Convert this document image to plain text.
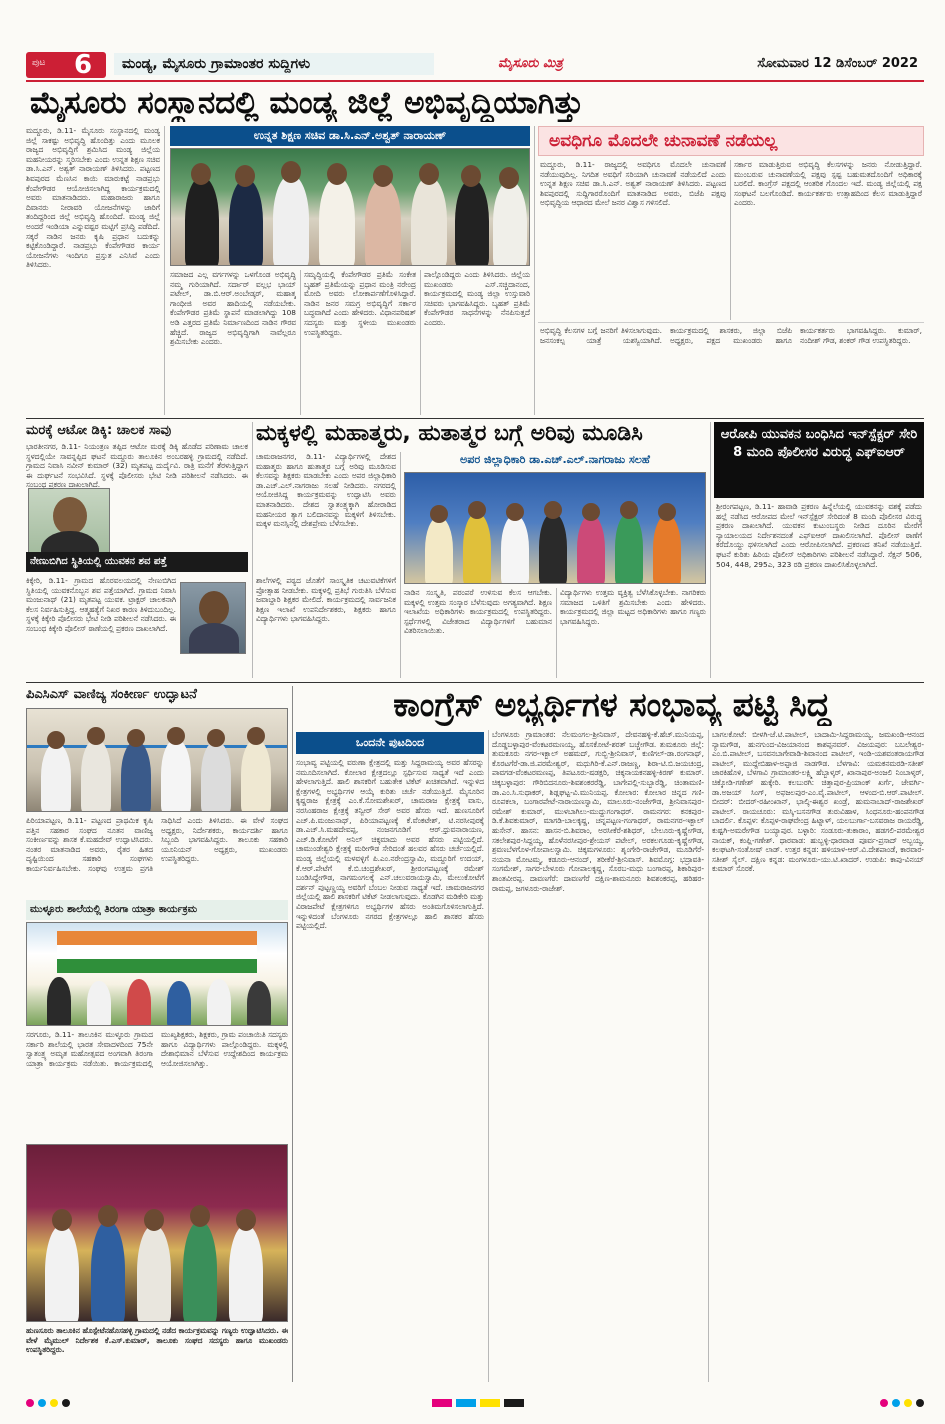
ಪುಟ 6	ಮಂಡ್ಯ, ಮೈಸೂರು ಗ್ರಾಮಾಂತರ ಸುದ್ದಿಗಳು	ಮೈಸೂರು ಮಿತ್ರ	ಸೋಮವಾರ 12 ಡಿಸೆಂಬರ್ 2022
ಮೈಸೂರು ಸಂಸ್ಥಾನದಲ್ಲಿ ಮಂಡ್ಯ ಜಿಲ್ಲೆ ಅಭಿವೃದ್ಧಿಯಾಗಿತ್ತು
ಮದ್ದೂರು, ಡಿ.11- ಮೈಸೂರು ಸಂಸ್ಥಾನದಲ್ಲಿ ಮಂಡ್ಯ ಜಿಲ್ಲೆ ಸಾಕಷ್ಟು ಅಭಿವೃದ್ಧಿ ಹೊಂದಿತ್ತು ಎಂದು ಮೂಲಕ ರಾಜ್ಯದ ಅಭಿವೃದ್ಧಿಗೆ ಶ್ರಮಿಸಿದ ಮಂಡ್ಯ ಜಿಲ್ಲೆಯ ಮಹನೀಯರನ್ನು ಸ್ಮರಿಸಬೇಕು ಎಂದು ಉನ್ನತ ಶಿಕ್ಷಣ ಸಚಿವ ಡಾ.ಸಿ.ಎನ್. ಅಶ್ವತ್ ನಾರಾಯಣ್ ತಿಳಿಸಿದರು. ಪಟ್ಟಣದ ಶಿವಪುರದ ಮೆಣಸಿನ ಕಾಯಿ ಮಾರುಕಟ್ಟೆ ನಾಡಪ್ರಭು ಕೆಂಪೇಗೌಡರ ಆಯೋಜಿಸಲಾಗಿದ್ದ ಕಾರ್ಯಕ್ರಮದಲ್ಲಿ ಅವರು ಮಾತನಾಡಿದರು. ಮಹಾರಾಜರು ಹಾಗೂ ದಿವಾನರು ನೀರಾವರಿ ಯೋಜನೆಗಳನ್ನು ಜಾರಿಗೆ ತಂದಿದ್ದರಿಂದ ಜಿಲ್ಲೆ ಅಭಿವೃದ್ಧಿ ಹೊಂದಿದೆ. ಮಂಡ್ಯ ಜಿಲ್ಲೆ ಅಂದರೆ ಇಂಡಿಯಾ ಎನ್ನುವಷ್ಟರ ಮಟ್ಟಿಗೆ ಪ್ರಸಿದ್ಧಿ ಪಡೆದಿದೆ. ಸಕ್ಕರೆ ನಾಡಿನ ಜನರು ಕೃಷಿ ಪ್ರಧಾನ ಬದುಕನ್ನು ಕಟ್ಟಿಕೊಂಡಿದ್ದಾರೆ. ನಾಡಪ್ರಭು ಕೆಂಪೇಗೌಡರ ಕಾರ್ಯ ಯೋಜನೆಗಳು ಇಂದಿಗೂ ಪ್ರಸ್ತುತ ಎನಿಸಿವೆ ಎಂದು ತಿಳಿಸಿದರು.
ಉನ್ನತ ಶಿಕ್ಷಣ ಸಚಿವ ಡಾ.ಸಿ.ಎನ್.ಅಶ್ವತ್ ನಾರಾಯಣ್
ಸಮಾಜದ ಎಲ್ಲ ವರ್ಗಗಳನ್ನು ಒಳಗೊಂಡ ಅಭಿವೃದ್ಧಿ ನಮ್ಮ ಗುರಿಯಾಗಿದೆ. ಸರ್ದಾರ್ ವಲ್ಲಭ ಭಾಯ್ ಪಟೇಲ್, ಡಾ.ಬಿ.ಆರ್.ಅಂಬೇಡ್ಕರ್, ಮಹಾತ್ಮ ಗಾಂಧೀಜಿ ಅವರ ಹಾದಿಯಲ್ಲಿ ನಡೆಯಬೇಕು. ಕೆಂಪೇಗೌಡರ ಪ್ರತಿಮೆ ಸ್ಥಾಪನೆ ಮಾಡಲಾಗಿದ್ದು 108 ಅಡಿ ಎತ್ತರದ ಪ್ರತಿಮೆ ನಿರ್ಮಾಣದಿಂದ ನಾಡಿನ ಗೌರವ ಹೆಚ್ಚಿದೆ. ರಾಜ್ಯದ ಅಭಿವೃದ್ಧಿಗಾಗಿ ನಾವೆಲ್ಲರೂ ಶ್ರಮಿಸಬೇಕು ಎಂದರು.
ಸಮೃದ್ಧಿಯಲ್ಲಿ ಕೆಂಪೇಗೌಡರ ಪ್ರತಿಮೆ ಸಂಕೇತ ಬೃಹತ್ ಪ್ರತಿಮೆಯನ್ನು ಪ್ರಧಾನ ಮಂತ್ರಿ ನರೇಂದ್ರ ಮೋದಿ ಅವರು ಲೋಕಾರ್ಪಣೆಗೊಳಿಸಿದ್ದಾರೆ. ನಾಡಿನ ಜನರ ಸಮಗ್ರ ಅಭಿವೃದ್ಧಿಗೆ ಸರ್ಕಾರ ಬದ್ಧವಾಗಿದೆ ಎಂದು ಹೇಳಿದರು. ವಿಧಾನಪರಿಷತ್ ಸದಸ್ಯರು ಮತ್ತು ಸ್ಥಳೀಯ ಮುಖಂಡರು ಉಪಸ್ಥಿತರಿದ್ದರು.
ಪಾಲ್ಗೊಂಡಿದ್ದರು ಎಂದು ತಿಳಿಸಿದರು. ಜಿಲ್ಲೆಯ ಮುಖಂಡರು ಎಸ್.ಸಚ್ಚಿದಾನಂದ, ಕಾರ್ಯಕ್ರಮದಲ್ಲಿ ಮಂಡ್ಯ ಜಿಲ್ಲಾ ಉಸ್ತುವಾರಿ ಸಚಿವರು ಭಾಗವಹಿಸಿದ್ದರು. ಬೃಹತ್ ಪ್ರತಿಮೆ ಕೆಂಪೇಗೌಡರ ಸಾಧನೆಗಳನ್ನು ನೆನಪಿಸುತ್ತದೆ ಎಂದರು.
ಅವಧಿಗೂ ಮೊದಲೇ ಚುನಾವಣೆ ನಡೆಯಲ್ಲ
ಮದ್ದೂರು, ಡಿ.11- ರಾಜ್ಯದಲ್ಲಿ ಅವಧಿಗೂ ಮೊದಲೇ ಚುನಾವಣೆ ನಡೆಯುವುದಿಲ್ಲ. ನಿಗದಿತ ಅವಧಿಗೆ ಸರಿಯಾಗಿ ಚುನಾವಣೆ ನಡೆಯಲಿದೆ ಎಂದು ಉನ್ನತ ಶಿಕ್ಷಣ ಸಚಿವ ಡಾ.ಸಿ.ಎನ್. ಅಶ್ವತ್ ನಾರಾಯಣ್ ತಿಳಿಸಿದರು. ಪಟ್ಟಣದ ಶಿವಪುರದಲ್ಲಿ ಸುದ್ದಿಗಾರರೊಂದಿಗೆ ಮಾತನಾಡಿದ ಅವರು, ಬಿಜೆಪಿ ಪಕ್ಷವು ಅಭಿವೃದ್ಧಿಯ ಆಧಾರದ ಮೇಲೆ ಜನರ ವಿಶ್ವಾಸ ಗಳಿಸಲಿದೆ.
ಸರ್ಕಾರ ಮಾಡುತ್ತಿರುವ ಅಭಿವೃದ್ಧಿ ಕೆಲಸಗಳನ್ನು ಜನರು ನೋಡುತ್ತಿದ್ದಾರೆ. ಮುಂಬರುವ ಚುನಾವಣೆಯಲ್ಲಿ ಪಕ್ಷವು ಸ್ಪಷ್ಟ ಬಹುಮತದೊಂದಿಗೆ ಅಧಿಕಾರಕ್ಕೆ ಬರಲಿದೆ. ಕಾಂಗ್ರೆಸ್ ಪಕ್ಷದಲ್ಲಿ ಆಂತರಿಕ ಗೊಂದಲ ಇದೆ. ಮಂಡ್ಯ ಜಿಲ್ಲೆಯಲ್ಲಿ ಪಕ್ಷ ಸಂಘಟನೆ ಬಲಗೊಂಡಿದೆ. ಕಾರ್ಯಕರ್ತರು ಉತ್ಸಾಹದಿಂದ ಕೆಲಸ ಮಾಡುತ್ತಿದ್ದಾರೆ ಎಂದರು.
ಅಭಿವೃದ್ಧಿ ಕೆಲಸಗಳ ಬಗ್ಗೆ ಜನರಿಗೆ ತಿಳಿಸಲಾಗುವುದು. ಜನಸಂಕಲ್ಪ ಯಾತ್ರೆ ಯಶಸ್ವಿಯಾಗಿದೆ. ಕಾರ್ಯಕ್ರಮದಲ್ಲಿ ಶಾಸಕರು, ಜಿಲ್ಲಾ ಬಿಜೆಪಿ ಅಧ್ಯಕ್ಷರು, ಪಕ್ಷದ ಮುಖಂಡರು ಹಾಗೂ ಕಾರ್ಯಕರ್ತರು ಭಾಗವಹಿಸಿದ್ದರು. ಕುಮಾರ್, ನಂದೀಶ್ ಗೌಡ, ಶಂಕರ್ ಗೌಡ ಉಪಸ್ಥಿತರಿದ್ದರು.
ಮರಕ್ಕೆ ಆಟೋ ಡಿಕ್ಕಿ: ಚಾಲಕ ಸಾವು
ಭಾರತೀನಗರ, ಡಿ.11- ನಿಯಂತ್ರಣ ತಪ್ಪಿದ ಆಟೋ ಮರಕ್ಕೆ ಡಿಕ್ಕಿ ಹೊಡೆದ ಪರಿಣಾಮ ಚಾಲಕ ಸ್ಥಳದಲ್ಲಿಯೇ ಸಾವನ್ನಪ್ಪಿದ ಘಟನೆ ಮದ್ದೂರು ತಾಲೂಕಿನ ಅಂಬರಹಳ್ಳಿ ಗ್ರಾಮದಲ್ಲಿ ನಡೆದಿದೆ. ಗ್ರಾಮದ ನಿವಾಸಿ ನವೀನ್ ಕುಮಾರ್ (32) ಮೃತಪಟ್ಟ ದುರ್ದೈವಿ. ರಾತ್ರಿ ಮನೆಗೆ ತೆರಳುತ್ತಿದ್ದಾಗ ಈ ದುರ್ಘಟನೆ ಸಂಭವಿಸಿದೆ. ಸ್ಥಳಕ್ಕೆ ಪೊಲೀಸರು ಭೇಟಿ ನೀಡಿ ಪರಿಶೀಲನೆ ನಡೆಸಿದರು. ಈ ಸಂಬಂಧ ಪ್ರಕರಣ ದಾಖಲಾಗಿದೆ.
ನೇಣುಬಿಗಿದ ಸ್ಥಿತಿಯಲ್ಲಿ ಯುವಕನ ಶವ ಪತ್ತೆ
ಕಿಕ್ಕೇರಿ, ಡಿ.11- ಗ್ರಾಮದ ಹೊರವಲಯದಲ್ಲಿ ನೇಣುಬಿಗಿದ ಸ್ಥಿತಿಯಲ್ಲಿ ಯುವಕನೊಬ್ಬನ ಶವ ಪತ್ತೆಯಾಗಿದೆ. ಗ್ರಾಮದ ನಿವಾಸಿ ಮಂಜುನಾಥ್ (21) ಮೃತಪಟ್ಟ ಯುವಕ. ಟ್ರಾಕ್ಟರ್ ಚಾಲಕನಾಗಿ ಕೆಲಸ ನಿರ್ವಹಿಸುತ್ತಿದ್ದ. ಆತ್ಮಹತ್ಯೆಗೆ ನಿಖರ ಕಾರಣ ತಿಳಿದುಬಂದಿಲ್ಲ. ಸ್ಥಳಕ್ಕೆ ಕಿಕ್ಕೇರಿ ಪೊಲೀಸರು ಭೇಟಿ ನೀಡಿ ಪರಿಶೀಲನೆ ನಡೆಸಿದರು. ಈ ಸಂಬಂಧ ಕಿಕ್ಕೇರಿ ಪೊಲೀಸ್ ಠಾಣೆಯಲ್ಲಿ ಪ್ರಕರಣ ದಾಖಲಾಗಿದೆ.
ಮಕ್ಕಳಲ್ಲಿ ಮಹಾತ್ಮರು, ಹುತಾತ್ಮರ ಬಗ್ಗೆ ಅರಿವು ಮೂಡಿಸಿ
ಚಾಮರಾಜನಗರ, ಡಿ.11- ವಿದ್ಯಾರ್ಥಿಗಳಲ್ಲಿ ದೇಶದ ಮಹಾತ್ಮರು ಹಾಗೂ ಹುತಾತ್ಮರ ಬಗ್ಗೆ ಅರಿವು ಮೂಡಿಸುವ ಕೆಲಸವನ್ನು ಶಿಕ್ಷಕರು ಮಾಡಬೇಕು ಎಂದು ಅಪರ ಜಿಲ್ಲಾಧಿಕಾರಿ ಡಾ.ಎಚ್.ಎಲ್.ನಾಗರಾಜು ಸಲಹೆ ನೀಡಿದರು. ನಗರದಲ್ಲಿ ಆಯೋಜಿಸಿದ್ದ ಕಾರ್ಯಕ್ರಮವನ್ನು ಉದ್ಘಾಟಿಸಿ ಅವರು ಮಾತನಾಡಿದರು. ದೇಶದ ಸ್ವಾತಂತ್ರ್ಯಕ್ಕಾಗಿ ಹೋರಾಡಿದ ಮಹನೀಯರ ತ್ಯಾಗ ಬಲಿದಾನವನ್ನು ಮಕ್ಕಳಿಗೆ ತಿಳಿಸಬೇಕು. ಮಕ್ಕಳ ಮನಸ್ಸಿನಲ್ಲಿ ದೇಶಪ್ರೇಮ ಬೆಳೆಸಬೇಕು.
ಅಪರ ಜಿಲ್ಲಾಧಿಕಾರಿ ಡಾ.ಎಚ್.ಎಲ್.ನಾಗರಾಜು ಸಲಹೆ
ಶಾಲೆಗಳಲ್ಲಿ ಪಠ್ಯದ ಜೊತೆಗೆ ಸಾಂಸ್ಕೃತಿಕ ಚಟುವಟಿಕೆಗಳಿಗೆ ಪ್ರೋತ್ಸಾಹ ನೀಡಬೇಕು. ಮಕ್ಕಳಲ್ಲಿ ಪ್ರತಿಭೆ ಗುರುತಿಸಿ ಬೆಳೆಸುವ ಜವಾಬ್ದಾರಿ ಶಿಕ್ಷಕರ ಮೇಲಿದೆ. ಕಾರ್ಯಕ್ರಮದಲ್ಲಿ ಸಾರ್ವಜನಿಕ ಶಿಕ್ಷಣ ಇಲಾಖೆ ಉಪನಿರ್ದೇಶಕರು, ಶಿಕ್ಷಕರು ಹಾಗೂ ವಿದ್ಯಾರ್ಥಿಗಳು ಭಾಗವಹಿಸಿದ್ದರು.
ನಾಡಿನ ಸಂಸ್ಕೃತಿ, ಪರಂಪರೆ ಉಳಿಸುವ ಕೆಲಸ ಆಗಬೇಕು. ಮಕ್ಕಳಲ್ಲಿ ಉತ್ತಮ ಸಂಸ್ಕಾರ ಬೆಳೆಸುವುದು ಅಗತ್ಯವಾಗಿದೆ. ಶಿಕ್ಷಣ ಇಲಾಖೆಯ ಅಧಿಕಾರಿಗಳು ಕಾರ್ಯಕ್ರಮದಲ್ಲಿ ಉಪಸ್ಥಿತರಿದ್ದರು. ಸ್ಪರ್ಧೆಗಳಲ್ಲಿ ವಿಜೇತರಾದ ವಿದ್ಯಾರ್ಥಿಗಳಿಗೆ ಬಹುಮಾನ ವಿತರಿಸಲಾಯಿತು.
ವಿದ್ಯಾರ್ಥಿಗಳು ಉತ್ತಮ ವ್ಯಕ್ತಿತ್ವ ಬೆಳೆಸಿಕೊಳ್ಳಬೇಕು. ನಾಗರಿಕರು ಸಮಾಜದ ಒಳಿತಿಗೆ ಶ್ರಮಿಸಬೇಕು ಎಂದು ಹೇಳಿದರು. ಕಾರ್ಯಕ್ರಮದಲ್ಲಿ ಜಿಲ್ಲಾ ಮಟ್ಟದ ಅಧಿಕಾರಿಗಳು ಹಾಗೂ ಗಣ್ಯರು ಭಾಗವಹಿಸಿದ್ದರು.
ಆರೋಪಿ ಯುವಕನ ಬಂಧಿಸಿದ ಇನ್‌ಸ್ಪೆಕ್ಟರ್ ಸೇರಿ 8 ಮಂದಿ ಪೊಲೀಸರ ವಿರುದ್ಧ ಎಫ್‌ಐಆರ್
ಶ್ರೀರಂಗಪಟ್ಟಣ, ಡಿ.11- ಹಾವಾಡಿ ಪ್ರಕರಣ ಹಿನ್ನೆಲೆಯಲ್ಲಿ ಯುವಕನನ್ನು ವಶಕ್ಕೆ ಪಡೆದು ಹಲ್ಲೆ ನಡೆಸಿದ ಆರೋಪದ ಮೇಲೆ ಇನ್‌ಸ್ಪೆಕ್ಟರ್ ಸೇರಿದಂತೆ 8 ಮಂದಿ ಪೊಲೀಸರ ವಿರುದ್ಧ ಪ್ರಕರಣ ದಾಖಲಾಗಿದೆ. ಯುವಕನ ಕುಟುಂಬಸ್ಥರು ನೀಡಿದ ದೂರಿನ ಮೇರೆಗೆ ನ್ಯಾಯಾಲಯದ ನಿರ್ದೇಶನದಂತೆ ಎಫ್‌ಐಆರ್ ದಾಖಲಿಸಲಾಗಿದೆ. ಪೊಲೀಸ್ ಠಾಣೆಗೆ ಕರೆದೊಯ್ದು ಥಳಿಸಲಾಗಿದೆ ಎಂದು ಆರೋಪಿಸಲಾಗಿದೆ. ಪ್ರಕರಣದ ತನಿಖೆ ನಡೆಯುತ್ತಿದೆ. ಘಟನೆ ಕುರಿತು ಹಿರಿಯ ಪೊಲೀಸ್ ಅಧಿಕಾರಿಗಳು ಪರಿಶೀಲನೆ ನಡೆಸಿದ್ದಾರೆ. ಸೆಕ್ಷನ್ 506, 504, 448, 295ಎ, 323 ರಡಿ ಪ್ರಕರಣ ದಾಖಲಿಸಿಕೊಳ್ಳಲಾಗಿದೆ.
ಪಿಎಸಿಎಸ್ ವಾಣಿಜ್ಯ ಸಂಕೀರ್ಣ ಉದ್ಘಾಟನೆ
ಪಿರಿಯಾಪಟ್ಟಣ, ಡಿ.11- ಪಟ್ಟಣದ ಪ್ರಾಥಮಿಕ ಕೃಷಿ ಪತ್ತಿನ ಸಹಕಾರ ಸಂಘದ ನೂತನ ವಾಣಿಜ್ಯ ಸಂಕೀರ್ಣವನ್ನು ಶಾಸಕ ಕೆ.ಮಹದೇವ್ ಉದ್ಘಾಟಿಸಿದರು. ನಂತರ ಮಾತನಾಡಿದ ಅವರು, ರೈತರ ಹಿತದ ದೃಷ್ಟಿಯಿಂದ ಸಹಕಾರಿ ಸಂಘಗಳು ಕಾರ್ಯನಿರ್ವಹಿಸಬೇಕು. ಸಂಘವು ಉತ್ತಮ ಪ್ರಗತಿ ಸಾಧಿಸಿದೆ ಎಂದು ತಿಳಿಸಿದರು. ಈ ವೇಳೆ ಸಂಘದ ಅಧ್ಯಕ್ಷರು, ನಿರ್ದೇಶಕರು, ಕಾರ್ಯದರ್ಶಿ ಹಾಗೂ ಸಿಬ್ಬಂದಿ ಭಾಗವಹಿಸಿದ್ದರು. ತಾಲೂಕು ಸಹಕಾರಿ ಯೂನಿಯನ್ ಅಧ್ಯಕ್ಷರು, ಮುಖಂಡರು ಉಪಸ್ಥಿತರಿದ್ದರು.
ಮುಳ್ಳೂರು ಶಾಲೆಯಲ್ಲಿ ತಿರಂಗಾ ಯಾತ್ರಾ ಕಾರ್ಯಕ್ರಮ
ಸರಗೂರು, ಡಿ.11- ತಾಲೂಕಿನ ಮುಳ್ಳೂರು ಗ್ರಾಮದ ಸರ್ಕಾರಿ ಶಾಲೆಯಲ್ಲಿ ಭಾರತ ಸೇವಾದಳದಿಂದ 75ನೇ ಸ್ವಾತಂತ್ರ್ಯ ಅಮೃತ ಮಹೋತ್ಸವದ ಅಂಗವಾಗಿ ತಿರಂಗಾ ಯಾತ್ರಾ ಕಾರ್ಯಕ್ರಮ ನಡೆಯಿತು. ಕಾರ್ಯಕ್ರಮದಲ್ಲಿ ಮುಖ್ಯಶಿಕ್ಷಕರು, ಶಿಕ್ಷಕರು, ಗ್ರಾಮ ಪಂಚಾಯಿತಿ ಸದಸ್ಯರು ಹಾಗೂ ವಿದ್ಯಾರ್ಥಿಗಳು ಪಾಲ್ಗೊಂಡಿದ್ದರು. ಮಕ್ಕಳಲ್ಲಿ ದೇಶಾಭಿಮಾನ ಬೆಳೆಸುವ ಉದ್ದೇಶದಿಂದ ಕಾರ್ಯಕ್ರಮ ಆಯೋಜಿಸಲಾಗಿತ್ತು.
ಹುಣಸೂರು ತಾಲೂಕಿನ ಹೊಸ್ಪೇಟೆನಹೊಸಹಳ್ಳಿ ಗ್ರಾಮದಲ್ಲಿ ನಡೆದ ಕಾರ್ಯಕ್ರಮವನ್ನು ಗಣ್ಯರು ಉದ್ಘಾಟಿಸಿದರು. ಈ ವೇಳೆ ಮೈಮುಲ್ ನಿರ್ದೇಶಕ ಕೆ.ಎಸ್.ಕುಮಾರ್, ತಾಲೂಕು ಸಂಘದ ಸದಸ್ಯರು ಹಾಗೂ ಮುಖಂಡರು ಉಪಸ್ಥಿತರಿದ್ದರು.
ಕಾಂಗ್ರೆಸ್ ಅಭ್ಯರ್ಥಿಗಳ ಸಂಭಾವ್ಯ ಪಟ್ಟಿ ಸಿದ್ಧ
ಒಂದನೇ ಪುಟದಿಂದ
ಸಂಭಾವ್ಯ ಪಟ್ಟಿಯಲ್ಲಿ ವರುಣಾ ಕ್ಷೇತ್ರದಲ್ಲಿ ಮತ್ತು ಸಿದ್ದರಾಮಯ್ಯ ಅವರ ಹೆಸರನ್ನು ನಮೂದಿಸಲಾಗಿದೆ. ಕೋಲಾರ ಕ್ಷೇತ್ರದಲ್ಲೂ ಸ್ಪರ್ಧಿಸುವ ಸಾಧ್ಯತೆ ಇದೆ ಎಂದು ಹೇಳಲಾಗುತ್ತಿದೆ. ಹಾಲಿ ಶಾಸಕರಿಗೆ ಬಹುತೇಕ ಟಿಕೆಟ್ ಖಚಿತವಾಗಿದೆ. ಇನ್ನುಳಿದ ಕ್ಷೇತ್ರಗಳಲ್ಲಿ ಅಭ್ಯರ್ಥಿಗಳ ಆಯ್ಕೆ ಕುರಿತು ಚರ್ಚೆ ನಡೆಯುತ್ತಿದೆ. ಮೈಸೂರಿನ ಕೃಷ್ಣರಾಜ ಕ್ಷೇತ್ರಕ್ಕೆ ಎಂ.ಕೆ.ಸೋಮಶೇಖರ್, ಚಾಮರಾಜ ಕ್ಷೇತ್ರಕ್ಕೆ ವಾಸು, ನರಸಿಂಹರಾಜ ಕ್ಷೇತ್ರಕ್ಕೆ ತನ್ವೀರ್ ಸೇಠ್ ಅವರ ಹೆಸರು ಇದೆ. ಹುಣಸೂರಿಗೆ ಎಚ್.ಪಿ.ಮಂಜುನಾಥ್, ಪಿರಿಯಾಪಟ್ಟಣಕ್ಕೆ ಕೆ.ವೆಂಕಟೇಶ್, ಟಿ.ನರಸೀಪುರಕ್ಕೆ ಡಾ.ಎಚ್.ಸಿ.ಮಹದೇವಪ್ಪ, ನಂಜನಗೂಡಿಗೆ ಆರ್.ಧ್ರುವನಾರಾಯಣ, ಎಚ್.ಡಿ.ಕೋಟೆಗೆ ಅನಿಲ್ ಚಿಕ್ಕಮಾದು ಅವರ ಹೆಸರು ಪಟ್ಟಿಯಲ್ಲಿದೆ. ಚಾಮುಂಡೇಶ್ವರಿ ಕ್ಷೇತ್ರಕ್ಕೆ ಮರೀಗೌಡ ಸೇರಿದಂತೆ ಹಲವರ ಹೆಸರು ಚರ್ಚೆಯಲ್ಲಿದೆ. ಮಂಡ್ಯ ಜಿಲ್ಲೆಯಲ್ಲಿ ಮಳವಳ್ಳಿಗೆ ಪಿ.ಎಂ.ನರೇಂದ್ರಸ್ವಾಮಿ, ಮದ್ದೂರಿಗೆ ಉದಯ್, ಕೆ.ಆರ್.ಪೇಟೆಗೆ ಕೆ.ಬಿ.ಚಂದ್ರಶೇಖರ್, ಶ್ರೀರಂಗಪಟ್ಟಣಕ್ಕೆ ರಮೇಶ್ ಬಂಡಿಸಿದ್ದೇಗೌಡ, ನಾಗಮಂಗಲಕ್ಕೆ ಎನ್.ಚಲುವರಾಯಸ್ವಾಮಿ, ಮೇಲುಕೋಟೆಗೆ ದರ್ಶನ್ ಪುಟ್ಟಣ್ಣಯ್ಯ ಅವರಿಗೆ ಬೆಂಬಲ ನೀಡುವ ಸಾಧ್ಯತೆ ಇದೆ. ಚಾಮರಾಜನಗರ ಜಿಲ್ಲೆಯಲ್ಲಿ ಹಾಲಿ ಶಾಸಕರಿಗೆ ಟಿಕೆಟ್ ನೀಡಲಾಗುವುದು. ಕೊಡಗಿನ ಮಡಿಕೇರಿ ಮತ್ತು ವಿರಾಜಪೇಟೆ ಕ್ಷೇತ್ರಗಳಿಗೂ ಅಭ್ಯರ್ಥಿಗಳ ಹೆಸರು ಅಂತಿಮಗೊಳಿಸಲಾಗುತ್ತಿದೆ. ಇನ್ನುಳಿದಂತೆ ಬೆಂಗಳೂರು ನಗರದ ಕ್ಷೇತ್ರಗಳಲ್ಲೂ ಹಾಲಿ ಶಾಸಕರ ಹೆಸರು ಪಟ್ಟಿಯಲ್ಲಿದೆ.
ಬೆಂಗಳೂರು ಗ್ರಾಮಾಂತರ: ನೆಲಮಂಗಲ-ಶ್ರೀನಿವಾಸ್, ದೇವನಹಳ್ಳಿ-ಕೆ.ಹೆಚ್.ಮುನಿಯಪ್ಪ, ದೊಡ್ಡಬಳ್ಳಾಪುರ-ವೆಂಕಟರಮಣಯ್ಯ, ಹೊಸಕೋಟೆ-ಶರತ್ ಬಚ್ಚೇಗೌಡ. ತುಮಕೂರು ಜಿಲ್ಲೆ: ತುಮಕೂರು ನಗರ-ಇಕ್ಬಾಲ್ ಅಹಮದ್, ಗುಬ್ಬಿ-ಶ್ರೀನಿವಾಸ್, ಕುಣಿಗಲ್-ಡಾ.ರಂಗನಾಥ್, ಕೊರಟಗೆರೆ-ಡಾ.ಜಿ.ಪರಮೇಶ್ವರ್, ಮಧುಗಿರಿ-ಕೆ.ಎನ್.ರಾಜಣ್ಣ, ಶಿರಾ-ಟಿ.ಬಿ.ಜಯಚಂದ್ರ, ಪಾವಗಡ-ವೆಂಕಟರಮಣಪ್ಪ, ತಿಪಟೂರು-ಷಡಕ್ಷರಿ, ಚಿಕ್ಕನಾಯಕನಹಳ್ಳಿ-ಕಿರಣ್ ಕುಮಾರ್. ಚಿಕ್ಕಬಳ್ಳಾಪುರ: ಗೌರಿಬಿದನೂರು-ಶಿವಶಂಕರರೆಡ್ಡಿ, ಬಾಗೇಪಲ್ಲಿ-ಸುಬ್ಬಾರೆಡ್ಡಿ, ಚಿಂತಾಮಣಿ-ಡಾ.ಎಂ.ಸಿ.ಸುಧಾಕರ್, ಶಿಡ್ಲಘಟ್ಟ-ವಿ.ಮುನಿಯಪ್ಪ. ಕೋಲಾರ: ಕೋಲಾರ ಚಿನ್ನದ ಗಣಿ-ರೂಪಕಲಾ, ಬಂಗಾರಪೇಟೆ-ನಾರಾಯಣಸ್ವಾಮಿ, ಮಾಲೂರು-ನಂಜೇಗೌಡ, ಶ್ರೀನಿವಾಸಪುರ-ರಮೇಶ್ ಕುಮಾರ್, ಮುಳಬಾಗಿಲು-ಮುದ್ದುಗಂಗಾಧರ್. ರಾಮನಗರ: ಕನಕಪುರ-ಡಿ.ಕೆ.ಶಿವಕುಮಾರ್, ಮಾಗಡಿ-ಬಾಲಕೃಷ್ಣ, ಚನ್ನಪಟ್ಟಣ-ಗಂಗಾಧರ್, ರಾಮನಗರ-ಇಕ್ಬಾಲ್ ಹುಸೇನ್. ಹಾಸನ: ಹಾಸನ-ಬಿ.ಶಿವರಾಂ, ಅರಸೀಕೆರೆ-ಶಶಿಧರ್, ಬೇಲೂರು-ಕೃಷ್ಣೇಗೌಡ, ಸಕಲೇಶಪುರ-ಸಿದ್ದಯ್ಯ, ಹೊಳೆನರಸೀಪುರ-ಶ್ರೇಯಸ್ ಪಟೇಲ್, ಅರಕಲಗೂಡು-ಕೃಷ್ಣೇಗೌಡ, ಶ್ರವಣಬೆಳಗೊಳ-ಗೋಪಾಲಸ್ವಾಮಿ. ಚಿಕ್ಕಮಗಳೂರು: ಶೃಂಗೇರಿ-ರಾಜೇಗೌಡ, ಮೂಡಿಗೆರೆ-ನಯನಾ ಮೋಟಮ್ಮ, ಕಡೂರು-ಆನಂದ್, ತರೀಕೆರೆ-ಶ್ರೀನಿವಾಸ್. ಶಿವಮೊಗ್ಗ: ಭದ್ರಾವತಿ-ಸಂಗಮೇಶ್, ಸಾಗರ-ಬೇಳೂರು ಗೋಪಾಲಕೃಷ್ಣ, ಸೊರಬ-ಮಧು ಬಂಗಾರಪ್ಪ, ಶಿಕಾರಿಪುರ-ಶಾಂತವೀರಪ್ಪ. ದಾವಣಗೆರೆ: ದಾವಣಗೆರೆ ದಕ್ಷಿಣ-ಶಾಮನೂರು ಶಿವಶಂಕರಪ್ಪ, ಹರಿಹರ-ರಾಮಪ್ಪ, ಜಗಳೂರು-ರಾಜೇಶ್.
ಬಾಗಲಕೋಟೆ: ಬೀಳಗಿ-ಜೆ.ಟಿ.ಪಾಟೀಲ್, ಬಾದಾಮಿ-ಸಿದ್ದರಾಮಯ್ಯ, ಜಮಖಂಡಿ-ಆನಂದ ನ್ಯಾಮಗೌಡ, ಹುನಗುಂದ-ವಿಜಯಾನಂದ ಕಾಶಪ್ಪನವರ್. ವಿಜಯಪುರ: ಬಬಲೇಶ್ವರ-ಎಂ.ಬಿ.ಪಾಟೀಲ್, ಬಸವನಬಾಗೇವಾಡಿ-ಶಿವಾನಂದ ಪಾಟೀಲ್, ಇಂಡಿ-ಯಶವಂತರಾಯಗೌಡ ಪಾಟೀಲ್, ಮುದ್ದೇಬಿಹಾಳ-ಅಪ್ಪಾಜಿ ನಾಡಗೌಡ. ಬೆಳಗಾವಿ: ಯಮಕನಮರಡಿ-ಸತೀಶ್ ಜಾರಕಿಹೊಳಿ, ಬೆಳಗಾವಿ ಗ್ರಾಮಾಂತರ-ಲಕ್ಷ್ಮಿ ಹೆಬ್ಬಾಳ್ಕರ್, ಖಾನಾಪುರ-ಅಂಜಲಿ ನಿಂಬಾಳ್ಕರ್, ಚಿಕ್ಕೋಡಿ-ಗಣೇಶ್ ಹುಕ್ಕೇರಿ. ಕಲಬುರಗಿ: ಚಿತ್ತಾಪುರ-ಪ್ರಿಯಾಂಕ್ ಖರ್ಗೆ, ಜೇವರ್ಗಿ-ಡಾ.ಅಜಯ್ ಸಿಂಗ್, ಅಫಜಲಪುರ-ಎಂ.ವೈ.ಪಾಟೀಲ್, ಆಳಂದ-ಬಿ.ಆರ್.ಪಾಟೀಲ್. ಬೀದರ್: ಬೀದರ್-ರಹೀಂಖಾನ್, ಭಾಲ್ಕಿ-ಈಶ್ವರ ಖಂಡ್ರೆ, ಹುಮನಾಬಾದ್-ರಾಜಶೇಖರ್ ಪಾಟೀಲ್. ರಾಯಚೂರು: ಮಸ್ಕಿ-ಬಸನಗೌಡ ತುರುವಿಹಾಳ, ಸಿಂಧನೂರು-ಹಂಪನಗೌಡ ಬಾದರ್ಲಿ. ಕೊಪ್ಪಳ: ಕೊಪ್ಪಳ-ರಾಘವೇಂದ್ರ ಹಿಟ್ನಾಳ್, ಯಲಬುರ್ಗಾ-ಬಸವರಾಜ ರಾಯರೆಡ್ಡಿ, ಕುಷ್ಟಗಿ-ಅಮರೇಗೌಡ ಬಯ್ಯಾಪುರ. ಬಳ್ಳಾರಿ: ಸಂಡೂರು-ತುಕಾರಾಂ, ಹಡಗಲಿ-ಪರಮೇಶ್ವರ ನಾಯಕ್, ಕಂಪ್ಲಿ-ಗಣೇಶ್. ಧಾರವಾಡ: ಹುಬ್ಬಳ್ಳಿ-ಧಾರವಾಡ ಪೂರ್ವ-ಪ್ರಸಾದ್ ಅಬ್ಬಯ್ಯ, ಕಲಘಟಗಿ-ಸಂತೋಷ್ ಲಾಡ್. ಉತ್ತರ ಕನ್ನಡ: ಹಳಿಯಾಳ-ಆರ್.ವಿ.ದೇಶಪಾಂಡೆ, ಕಾರವಾರ-ಸತೀಶ್ ಸೈಲ್. ದಕ್ಷಿಣ ಕನ್ನಡ: ಮಂಗಳೂರು-ಯು.ಟಿ.ಖಾದರ್. ಉಡುಪಿ: ಕಾಪು-ವಿನಯ್ ಕುಮಾರ್ ಸೊರಕೆ.
